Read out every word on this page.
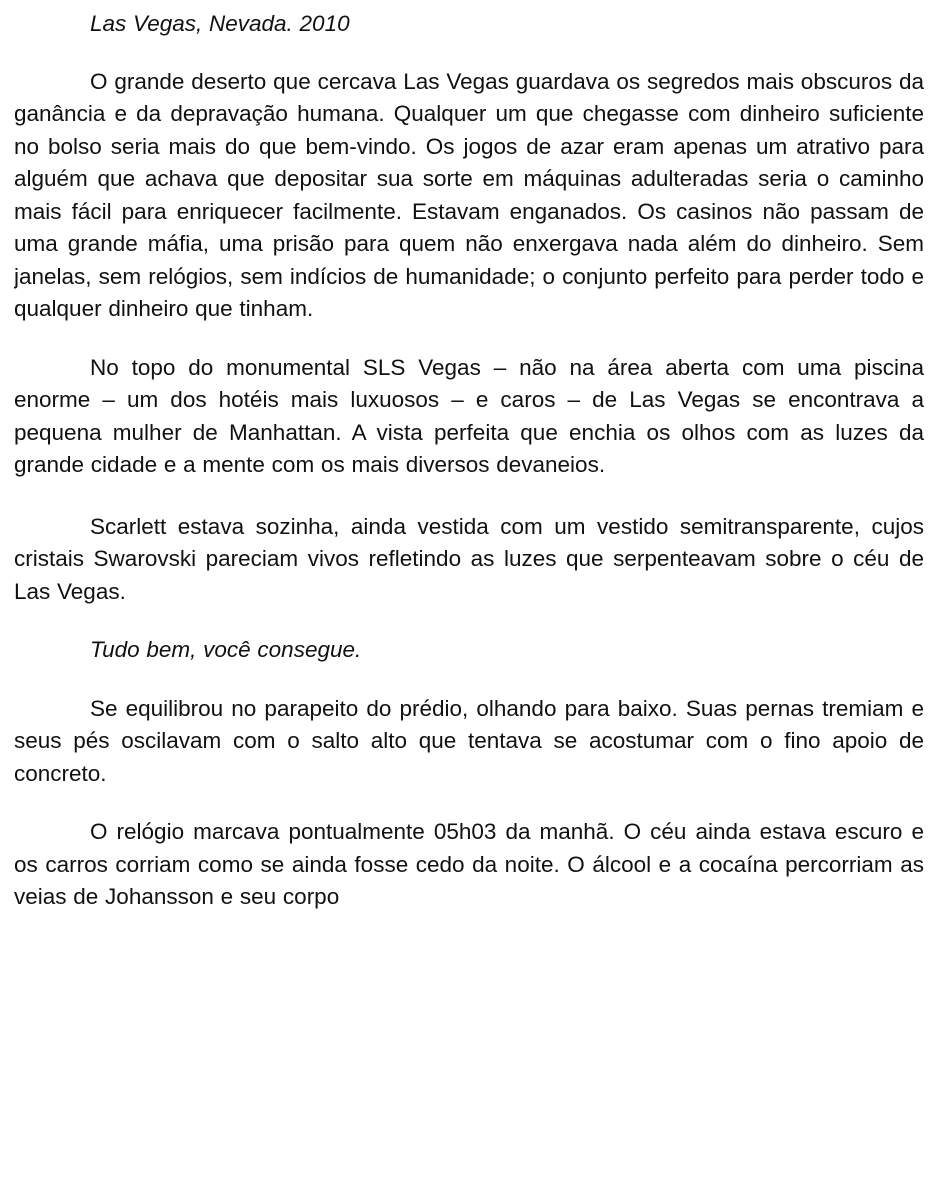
Las Vegas, Nevada. 2010

O grande deserto que cercava Las Vegas guardava os segredos mais obscuros da ganância e da depravação humana. Qualquer um que chegasse com dinheiro suficiente no bolso seria mais do que bem-vindo. Os jogos de azar eram apenas um atrativo para alguém que achava que depositar sua sorte em máquinas adulteradas seria o caminho mais fácil para enriquecer facilmente. Estavam enganados. Os casinos não passam de uma grande máfia, uma prisão para quem não enxergava nada além do dinheiro. Sem janelas, sem relógios, sem indícios de humanidade; o conjunto perfeito para perder todo e qualquer dinheiro que tinham.

No topo do monumental SLS Vegas – não na área aberta com uma piscina enorme – um dos hotéis mais luxuosos – e caros – de Las Vegas se encontrava a pequena mulher de Manhattan. A vista perfeita que enchia os olhos com as luzes da grande cidade e a mente com os mais diversos devaneios.

Scarlett estava sozinha, ainda vestida com um vestido semitransparente, cujos cristais Swarovski pareciam vivos refletindo as luzes que serpenteavam sobre o céu de Las Vegas.

Tudo bem, você consegue.

Se equilibrou no parapeito do prédio, olhando para baixo. Suas pernas tremiam e seus pés oscilavam com o salto alto que tentava se acostumar com o fino apoio de concreto.

O relógio marcava pontualmente 05h03 da manhã. O céu ainda estava escuro e os carros corriam como se ainda fosse cedo da noite. O álcool e a cocaína percorriam as veias de Johansson e seu corpo
